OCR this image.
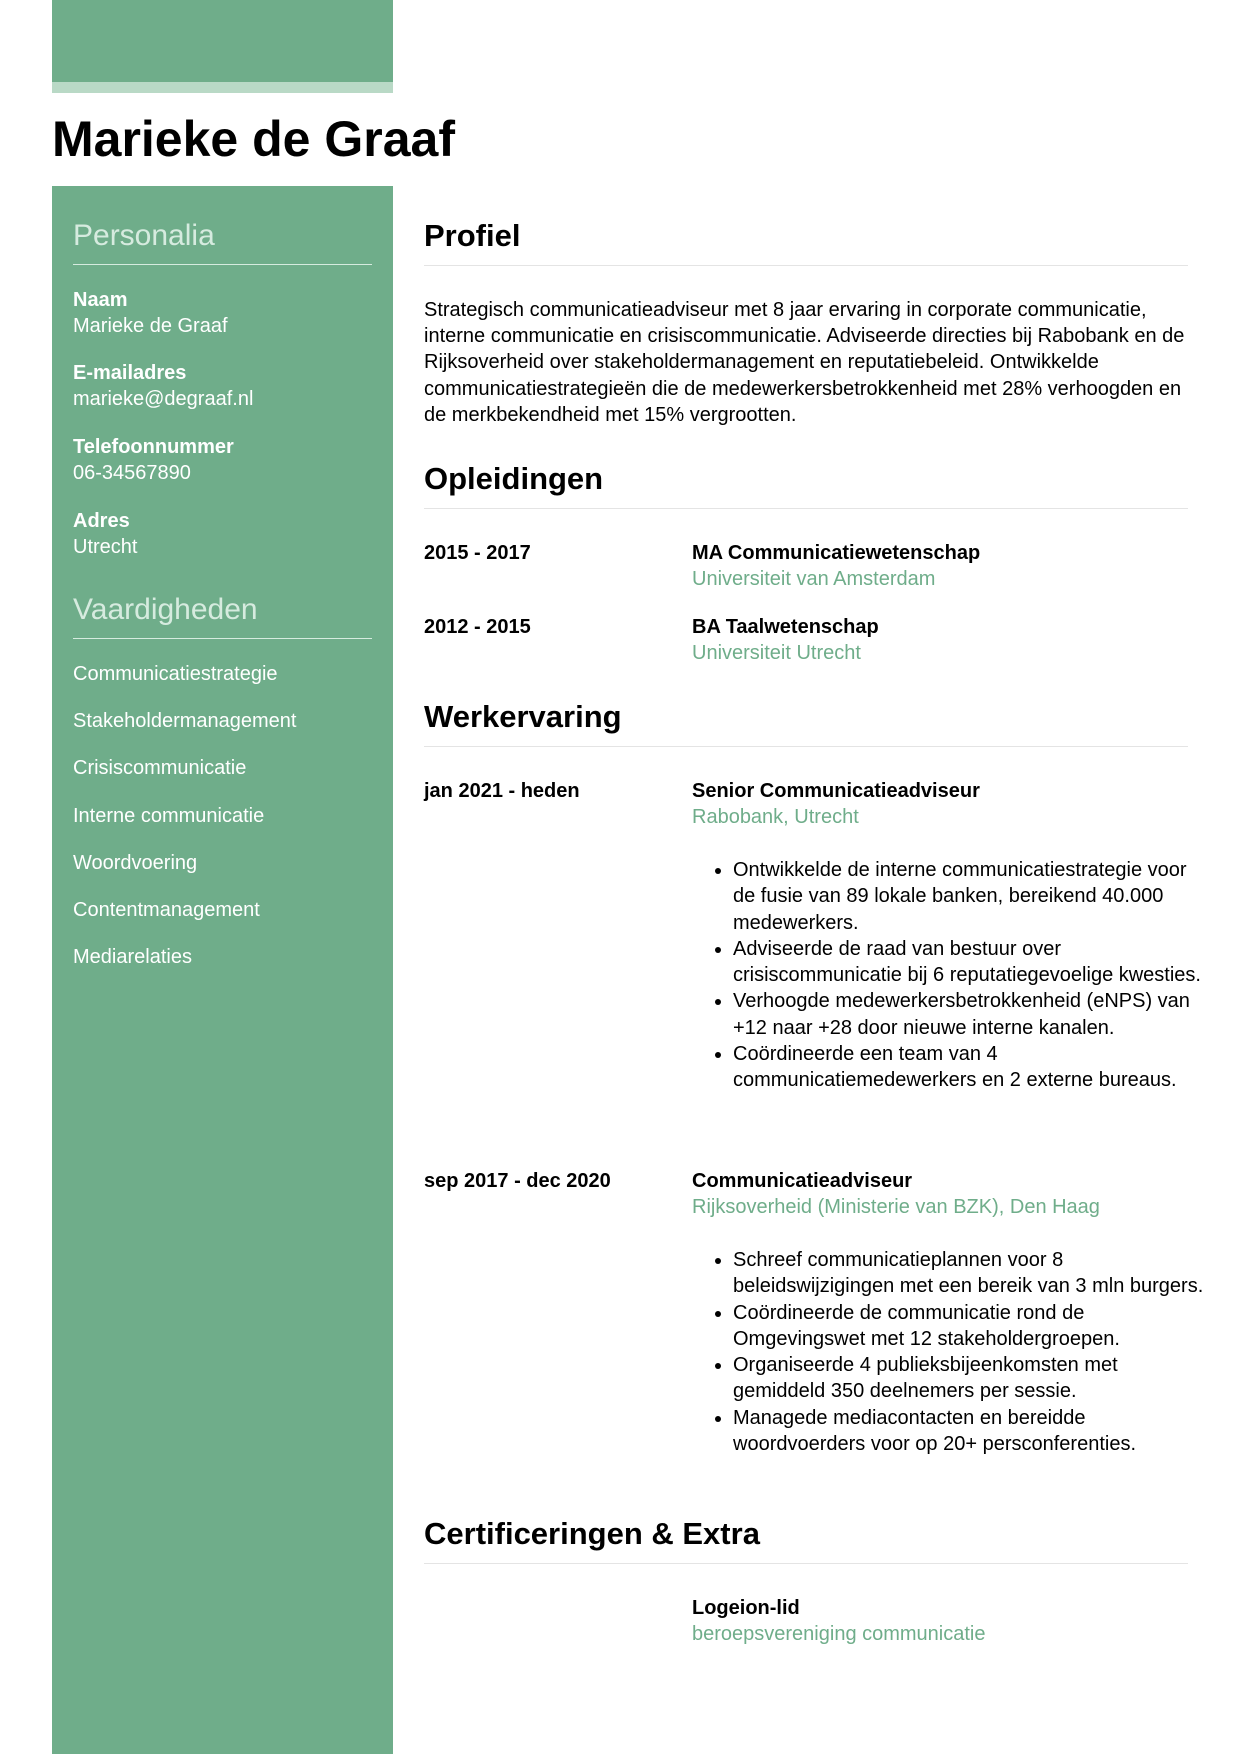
Marieke de Graaf
Personalia
Naam
Marieke de Graaf
E-mailadres
marieke@degraaf.nl
Telefoonnummer
06-34567890
Adres
Utrecht
Vaardigheden
Communicatiestrategie
Stakeholdermanagement
Crisiscommunicatie
Interne communicatie
Woordvoering
Contentmanagement
Mediarelaties
Profiel

Strategisch communicatieadviseur met 8 jaar ervaring in corporate communicatie, interne communicatie en crisiscommunicatie. Adviseerde directies bij Rabobank en de Rijksoverheid over stakeholdermanagement en reputatiebeleid. Ontwikkelde communicatiestrategieën die de medewerkersbetrokkenheid met 28% verhoogden en de merkbekendheid met 15% vergrootten.

Opleidingen
2015 - 2017	MA Communicatiewetenschap
Universiteit van Amsterdam
2012 - 2015	BA Taalwetenschap
Universiteit Utrecht
Werkervaring
jan 2021 - heden	Senior Communicatieadviseur
Rabobank, Utrecht
• Ontwikkelde de interne communicatiestrategie voor de fusie van 89 lokale banken, bereikend 40.000 medewerkers.
• Adviseerde de raad van bestuur over crisiscommunicatie bij 6 reputatiegevoelige kwesties.
• Verhoogde medewerkersbetrokkenheid (eNPS) van +12 naar +28 door nieuwe interne kanalen.
• Coördineerde een team van 4 communicatiemedewerkers en 2 externe bureaus.
sep 2017 - dec 2020	Communicatieadviseur
Rijksoverheid (Ministerie van BZK), Den Haag
• Schreef communicatieplannen voor 8 beleidswijzigingen met een bereik van 3 mln burgers.
• Coördineerde de communicatie rond de Omgevingswet met 12 stakeholdergroepen.
• Organiseerde 4 publieksbijeenkomsten met gemiddeld 350 deelnemers per sessie.
• Managede mediacontacten en bereidde woordvoerders voor op 20+ persconferenties.
Certificeringen & Extra
Logeion-lid
beroepsvereniging communicatie
